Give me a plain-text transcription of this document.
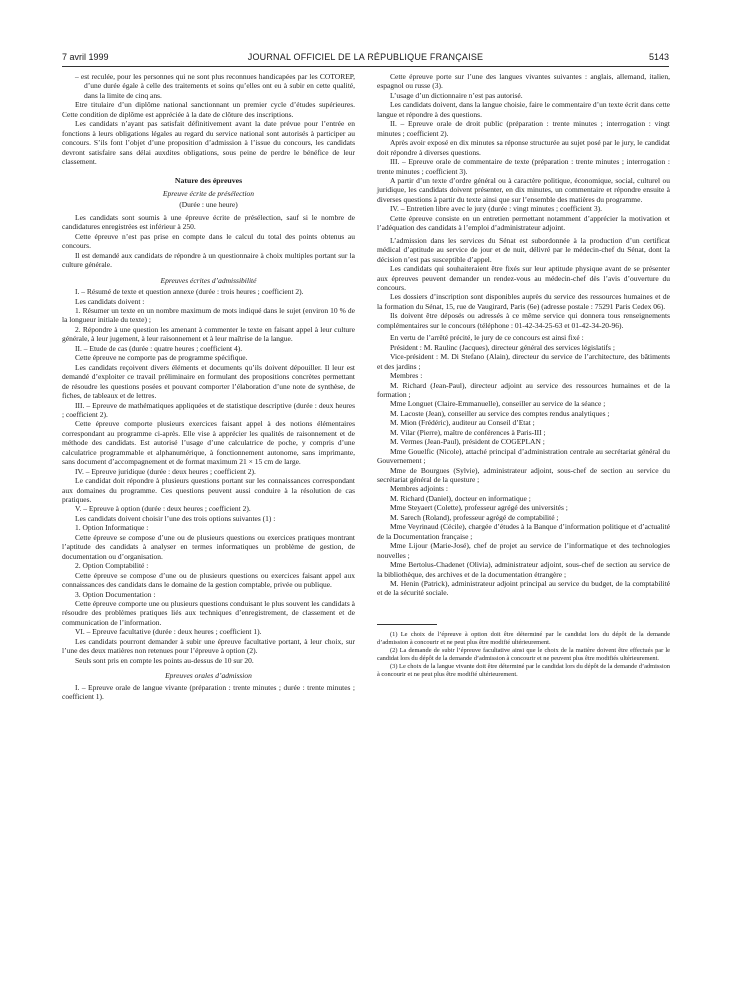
7 avril 1999	JOURNAL OFFICIEL DE LA RÉPUBLIQUE FRANÇAISE	5143

– est reculée, pour les personnes qui ne sont plus reconnues handicapées par les COTOREP, d’une durée égale à celle des traitements et soins qu’elles ont eu à subir en cette qualité, dans la limite de cinq ans.

Etre titulaire d’un diplôme national sanctionnant un premier cycle d’études supérieures. Cette condition de diplôme est appréciée à la date de clôture des inscriptions.

Les candidats n’ayant pas satisfait définitivement avant la date prévue pour l’entrée en fonctions à leurs obligations légales au regard du service national sont autorisés à participer au concours. S’ils font l’objet d’une proposition d’admission à l’issue du concours, les candidats devront satisfaire sans délai auxdites obligations, sous peine de perdre le bénéfice de leur classement.

Nature des épreuves
Epreuve écrite de présélection

(Durée : une heure)

Les candidats sont soumis à une épreuve écrite de présélection, sauf si le nombre de candidatures enregistrées est inférieur à 250.

Cette épreuve n’est pas prise en compte dans le calcul du total des points obtenus au concours.

Il est demandé aux candidats de répondre à un questionnaire à choix multiples portant sur la culture générale.

Epreuves écrites d’admissibilité

I. – Résumé de texte et question annexe (durée : trois heures ; coefficient 2).

Les candidats doivent :

1. Résumer un texte en un nombre maximum de mots indiqué dans le sujet (environ 10 % de la longueur initiale du texte) ;

2. Répondre à une question les amenant à commenter le texte en faisant appel à leur culture générale, à leur jugement, à leur raisonnement et à leur maîtrise de la langue.

II. – Etude de cas (durée : quatre heures ; coefficient 4).

Cette épreuve ne comporte pas de programme spécifique.

Les candidats reçoivent divers éléments et documents qu’ils doivent dépouiller. Il leur est demandé d’exploiter ce travail préliminaire en formulant des propositions concrètes permettant de résoudre les questions posées et pouvant comporter l’élaboration d’une note de synthèse, de fiches, de tableaux et de lettres.

III. – Epreuve de mathématiques appliquées et de statistique descriptive (durée : deux heures ; coefficient 2).

Cette épreuve comporte plusieurs exercices faisant appel à des notions élémentaires correspondant au programme ci-après. Elle vise à apprécier les qualités de raisonnement et de méthode des candidats. Est autorisé l’usage d’une calculatrice de poche, y compris d’une calculatrice programmable et alphanumérique, à fonctionnement autonome, sans imprimante, sans document d’accompagnement et de format maximum 21 × 15 cm de large.

IV. – Epreuve juridique (durée : deux heures ; coefficient 2).

Le candidat doit répondre à plusieurs questions portant sur les connaissances correspondant aux domaines du programme. Ces questions peuvent aussi conduire à la résolution de cas pratiques.

V. – Epreuve à option (durée : deux heures ; coefficient 2).

Les candidats doivent choisir l’une des trois options suivantes (1) :

1. Option Informatique :

Cette épreuve se compose d’une ou de plusieurs questions ou exercices pratiques montrant l’aptitude des candidats à analyser en termes informatiques un problème de gestion, de documentation ou d’organisation.

2. Option Comptabilité :

Cette épreuve se compose d’une ou de plusieurs questions ou exercices faisant appel aux connaissances des candidats dans le domaine de la gestion comptable, privée ou publique.

3. Option Documentation :

Cette épreuve comporte une ou plusieurs questions conduisant le plus souvent les candidats à résoudre des problèmes pratiques liés aux techniques d’enregistrement, de classement et de communication de l’information.

VI. – Epreuve facultative (durée : deux heures ; coefficient 1).

Les candidats pourront demander à subir une épreuve facultative portant, à leur choix, sur l’une des deux matières non retenues pour l’épreuve à option (2).

Seuls sont pris en compte les points au-dessus de 10 sur 20.

Epreuves orales d’admission

I. – Epreuve orale de langue vivante (préparation : trente minutes ; durée : trente minutes ; coefficient 1).

Cette épreuve porte sur l’une des langues vivantes suivantes : anglais, allemand, italien, espagnol ou russe (3).

L’usage d’un dictionnaire n’est pas autorisé.

Les candidats doivent, dans la langue choisie, faire le commentaire d’un texte écrit dans cette langue et répondre à des questions.

II. – Epreuve orale de droit public (préparation : trente minutes ; interrogation : vingt minutes ; coefficient 2).

Après avoir exposé en dix minutes sa réponse structurée au sujet posé par le jury, le candidat doit répondre à diverses questions.

III. – Epreuve orale de commentaire de texte (préparation : trente minutes ; interrogation : trente minutes ; coefficient 3).

A partir d’un texte d’ordre général ou à caractère politique, économique, social, culturel ou juridique, les candidats doivent présenter, en dix minutes, un commentaire et répondre ensuite à diverses questions à partir du texte ainsi que sur l’ensemble des matières du programme.

IV. – Entretien libre avec le jury (durée : vingt minutes ; coefficient 3).

Cette épreuve consiste en un entretien permettant notamment d’apprécier la motivation et l’adéquation des candidats à l’emploi d’administrateur adjoint.

L’admission dans les services du Sénat est subordonnée à la production d’un certificat médical d’aptitude au service de jour et de nuit, délivré par le médecin-chef du Sénat, dont la décision n’est pas susceptible d’appel.

Les candidats qui souhaiteraient être fixés sur leur aptitude physique avant de se présenter aux épreuves peuvent demander un rendez-vous au médecin-chef dès l’avis d’ouverture du concours.

Les dossiers d’inscription sont disponibles auprès du service des ressources humaines et de la formation du Sénat, 15, rue de Vaugirard, Paris (6e) (adresse postale : 75291 Paris Cedex 06).

Ils doivent être déposés ou adressés à ce même service qui donnera tous renseignements complémentaires sur le concours (téléphone : 01-42-34-25-63 et 01-42-34-20-96).

En vertu de l’arrêté précité, le jury de ce concours est ainsi fixé :

Président : M. Raulinc (Jacques), directeur général des services législatifs ;

Vice-président : M. Di Stefano (Alain), directeur du service de l’architecture, des bâtiments et des jardins ;

Membres :

M. Richard (Jean-Paul), directeur adjoint au service des ressources humaines et de la formation ;

Mme Longuet (Claire-Emmanuelle), conseiller au service de la séance ;

M. Lacoste (Jean), conseiller au service des comptes rendus analytiques ;

M. Mion (Frédéric), auditeur au Conseil d’Etat ;

M. Vilar (Pierre), maître de conférences à Paris-III ;

M. Vermes (Jean-Paul), président de COGEPLAN ;

Mme Gouelfic (Nicole), attaché principal d’administration centrale au secrétariat général du Gouvernement ;

Mme de Bourgues (Sylvie), administrateur adjoint, sous-chef de section au service du secrétariat général de la questure ;

Membres adjoints :

M. Richard (Daniel), docteur en informatique ;

Mme Steyaert (Colette), professeur agrégé des universités ;

M. Sarech (Roland), professeur agrégé de comptabilité ;

Mme Veyrinaud (Cécile), chargée d’études à la Banque d’information politique et d’actualité de la Documentation française ;

Mme Lijour (Marie-José), chef de projet au service de l’informatique et des technologies nouvelles ;

Mme Bertolus-Chadenet (Olivia), administrateur adjoint, sous-chef de section au service de la bibliothèque, des archives et de la documentation étrangère ;

M. Henin (Patrick), administrateur adjoint principal au service du budget, de la comptabilité et de la sécurité sociale.

(1) Le choix de l’épreuve à option doit être déterminé par le candidat lors du dépôt de la demande d’admission à concourir et ne peut plus être modifié ultérieurement.

(2) La demande de subir l’épreuve facultative ainsi que le choix de la matière doivent être effectués par le candidat lors du dépôt de la demande d’admission à concourir et ne peuvent plus être modifiés ultérieurement.

(3) Le choix de la langue vivante doit être déterminé par le candidat lors du dépôt de la demande d’admission à concourir et ne peut plus être modifié ultérieurement.
